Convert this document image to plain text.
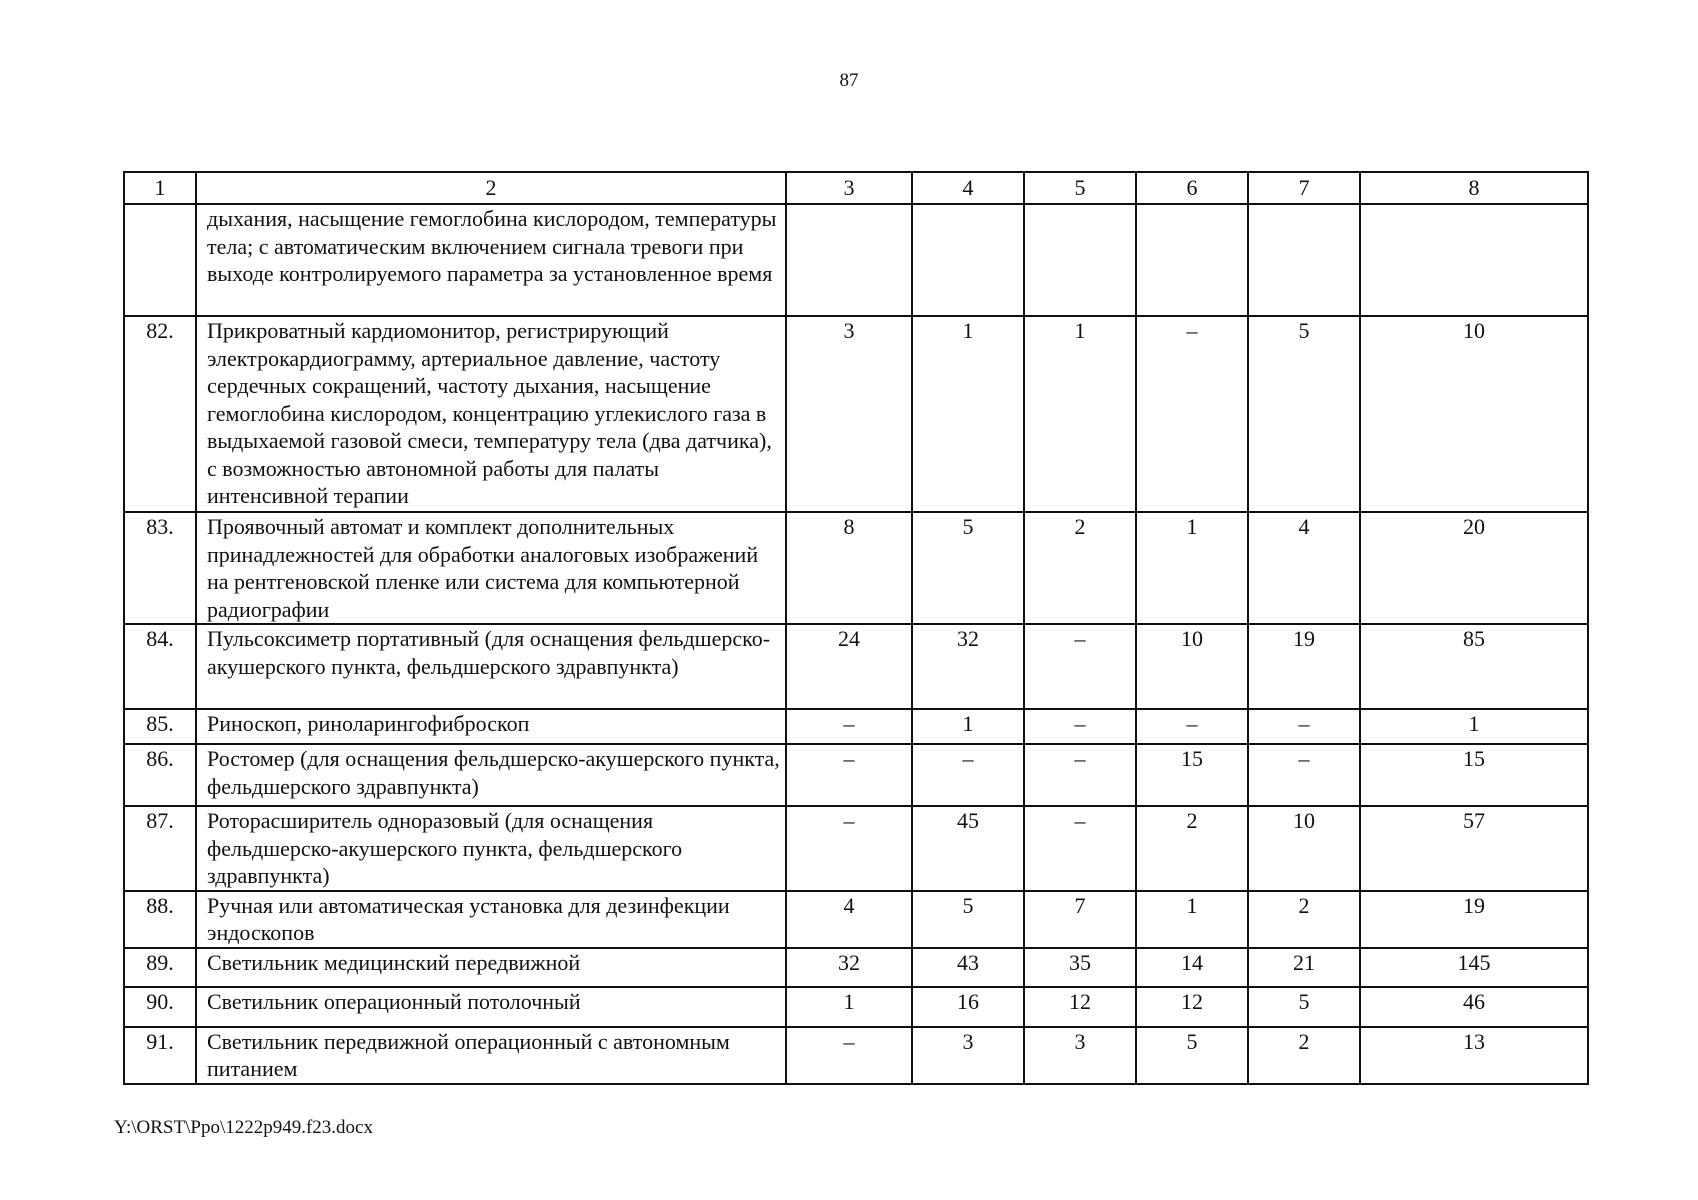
87
1	2	3	4	5	6	7	8
	дыхания, насыщение гемоглобина кислородом, температуры тела; с автоматическим включением сигнала тревоги при выходе контролируемого параметра за установленное время						
82.	Прикроватный кардиомонитор, регистрирующий электрокардиограмму, артериальное давление, частоту сердечных сокращений, частоту дыхания, насыщение гемоглобина кислородом, концентрацию углекислого газа в выдыхаемой газовой смеси, температуру тела (два датчика), с возможностью автономной работы для палаты интенсивной терапии	3	1	1	–	5	10
83.	Проявочный автомат и комплект дополнительных принадлежностей для обработки аналоговых изображений на рентгеновской пленке или система для компьютерной радиографии	8	5	2	1	4	20
84.	Пульсоксиметр портативный (для оснащения фельдшерско-акушерского пункта, фельдшерского здравпункта)	24	32	–	10	19	85
85.	Риноскоп, риноларингофиброскоп	–	1	–	–	–	1
86.	Ростомер (для оснащения фельдшерско-акушерского пункта, фельдшерского здравпункта)	–	–	–	15	–	15
87.	Роторасширитель одноразовый (для оснащения фельдшерско-акушерского пункта, фельдшерского здравпункта)	–	45	–	2	10	57
88.	Ручная или автоматическая установка для дезинфекции эндоскопов	4	5	7	1	2	19
89.	Светильник медицинский передвижной	32	43	35	14	21	145
90.	Светильник операционный потолочный	1	16	12	12	5	46
91.	Светильник передвижной операционный с автономным питанием	–	3	3	5	2	13
Y:\ORST\Ppo\1222p949.f23.docx
